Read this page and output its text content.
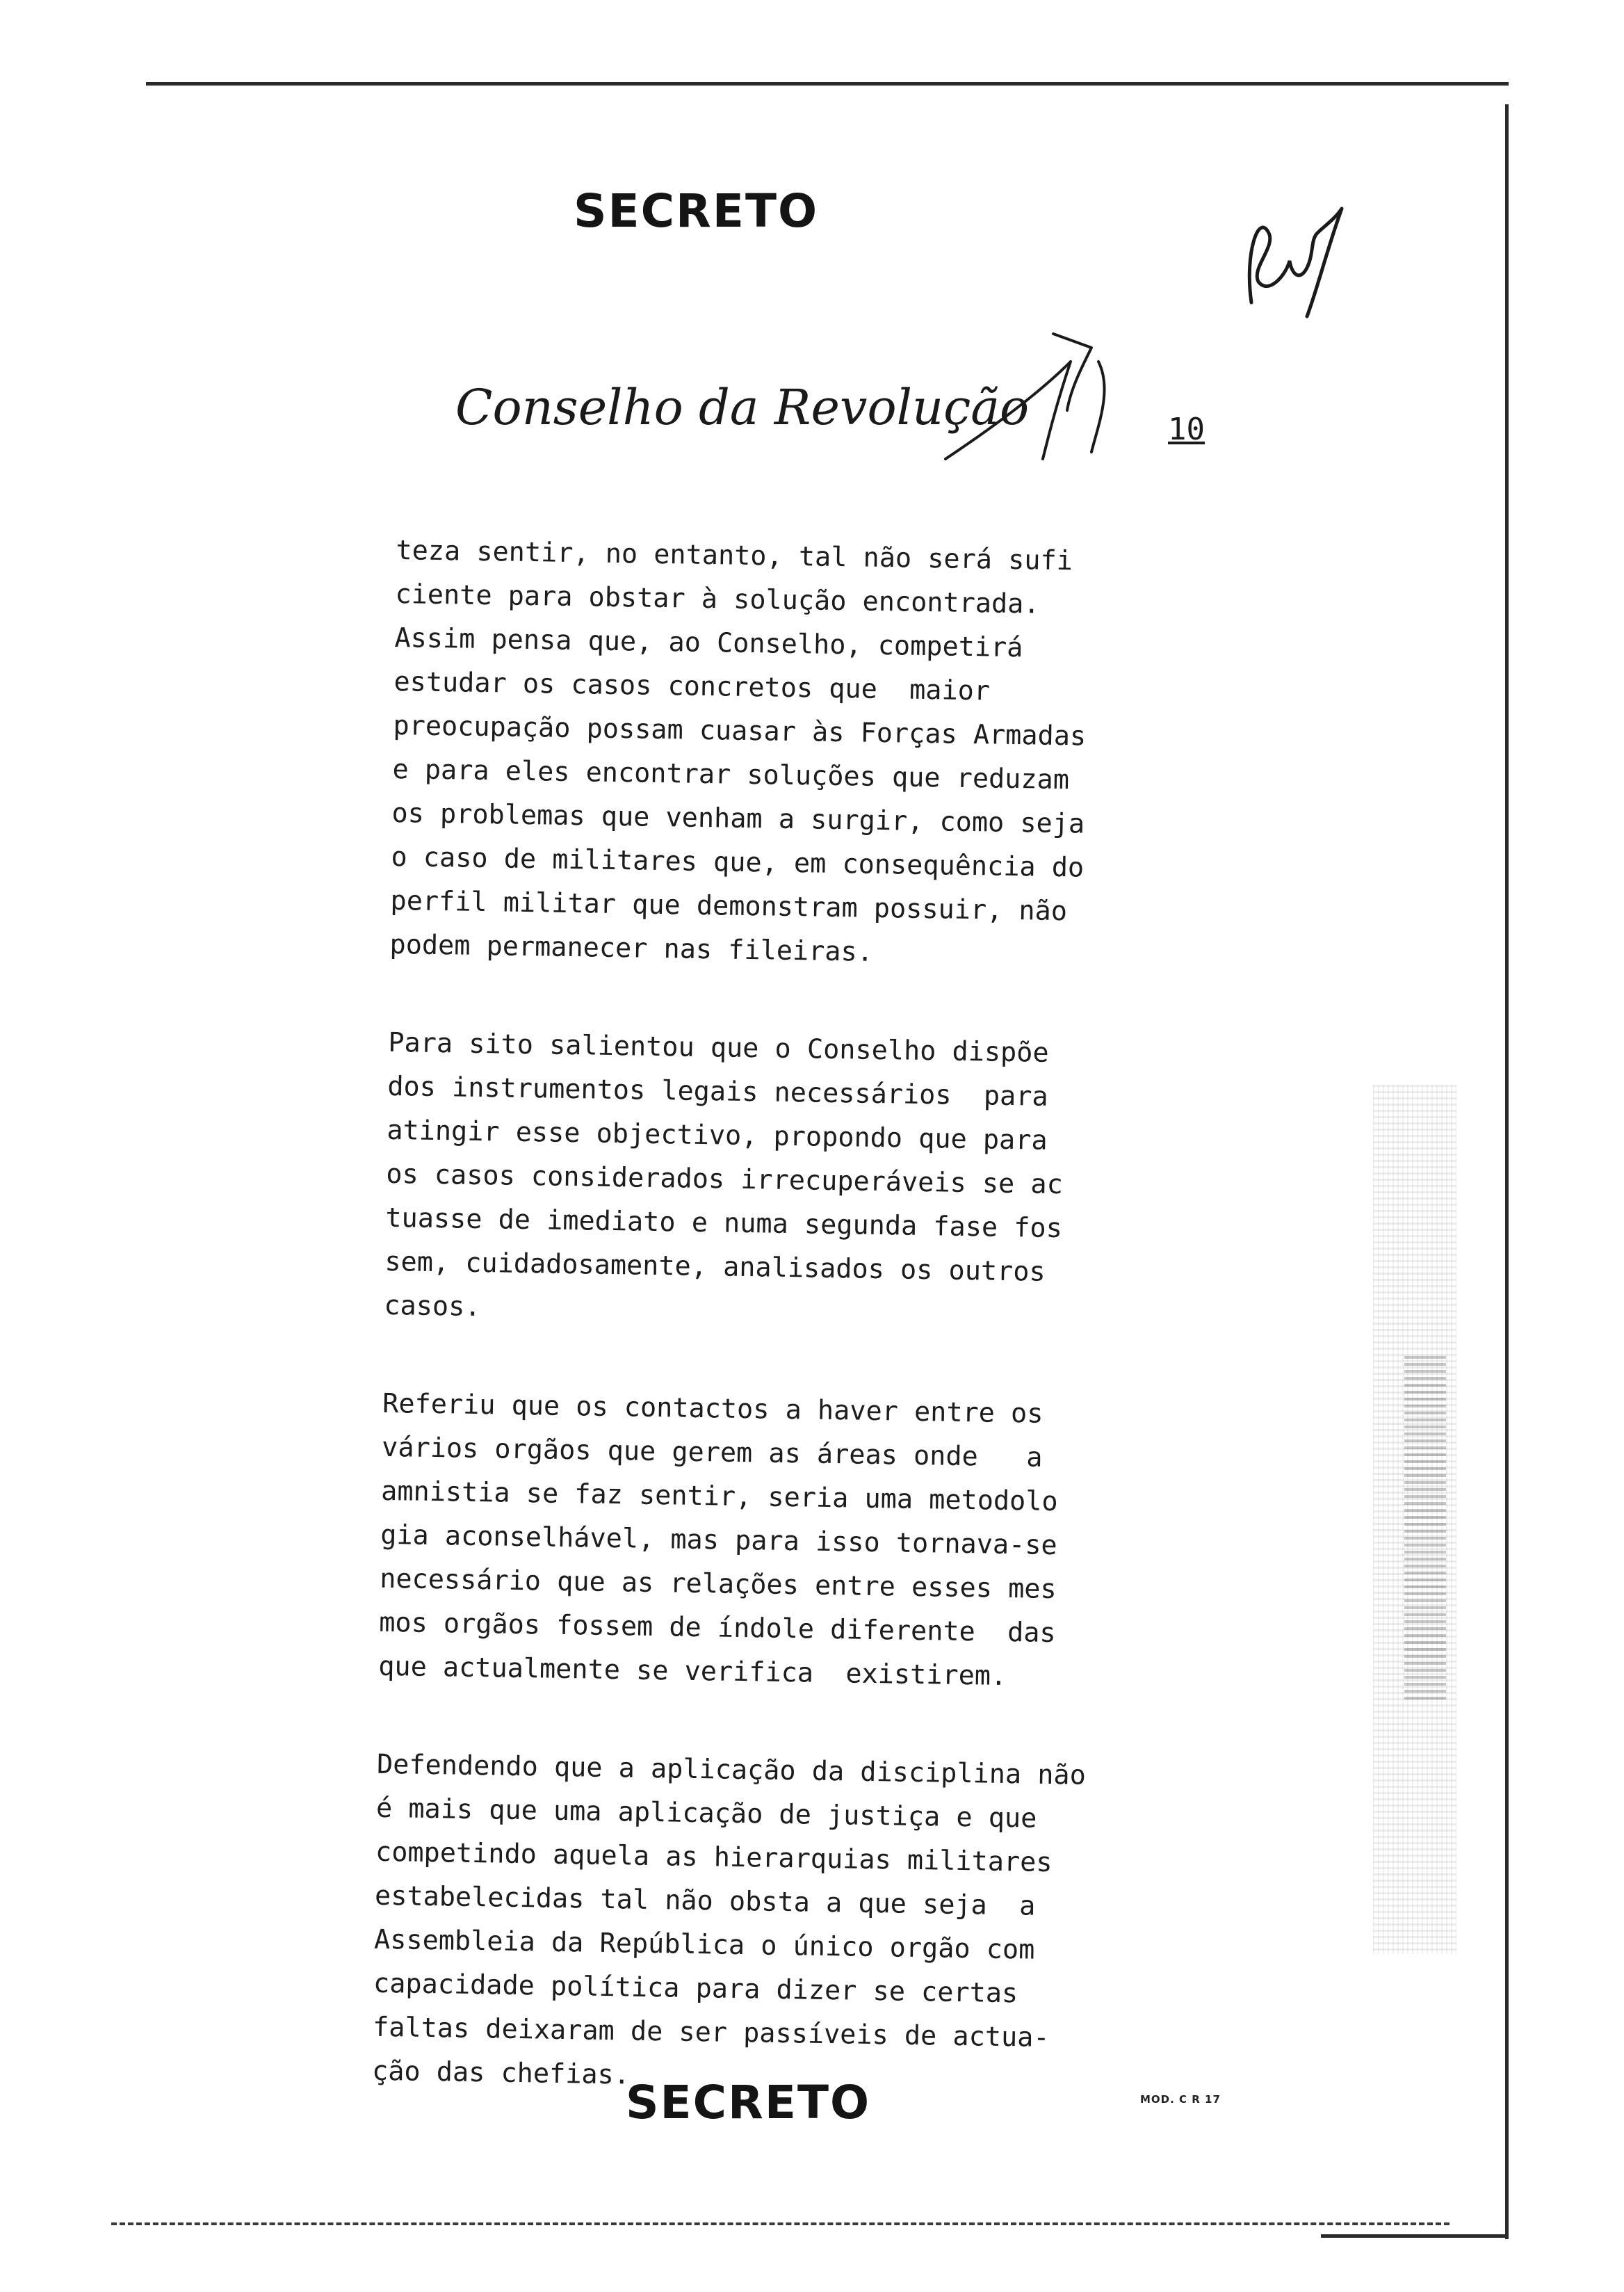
SECRETO
Conselho da Revolução	10
teza sentir, no entanto, tal não será sufi
ciente para obstar à solução encontrada.
Assim pensa que, ao Conselho, competirá
estudar os casos concretos que  maior
preocupação possam cuasar às Forças Armadas
e para eles encontrar soluções que reduzam
os problemas que venham a surgir, como seja
o caso de militares que, em consequência do
perfil militar que demonstram possuir, não
podem permanecer nas fileiras.
Para sito salientou que o Conselho dispõe
dos instrumentos legais necessários  para
atingir esse objectivo, propondo que para
os casos considerados irrecuperáveis se ac
tuasse de imediato e numa segunda fase fos
sem, cuidadosamente, analisados os outros
casos.
Referiu que os contactos a haver entre os
vários orgãos que gerem as áreas onde   a
amnistia se faz sentir, seria uma metodolo
gia aconselhável, mas para isso tornava-se
necessário que as relações entre esses mes
mos orgãos fossem de índole diferente  das
que actualmente se verifica  existirem.
Defendendo que a aplicação da disciplina não
é mais que uma aplicação de justiça e que
competindo aquela as hierarquias militares
estabelecidas tal não obsta a que seja  a
Assembleia da República o único orgão com
capacidade política para dizer se certas
faltas deixaram de ser passíveis de actua-
ção das chefias.
SECRETO	MOD. C R 17
